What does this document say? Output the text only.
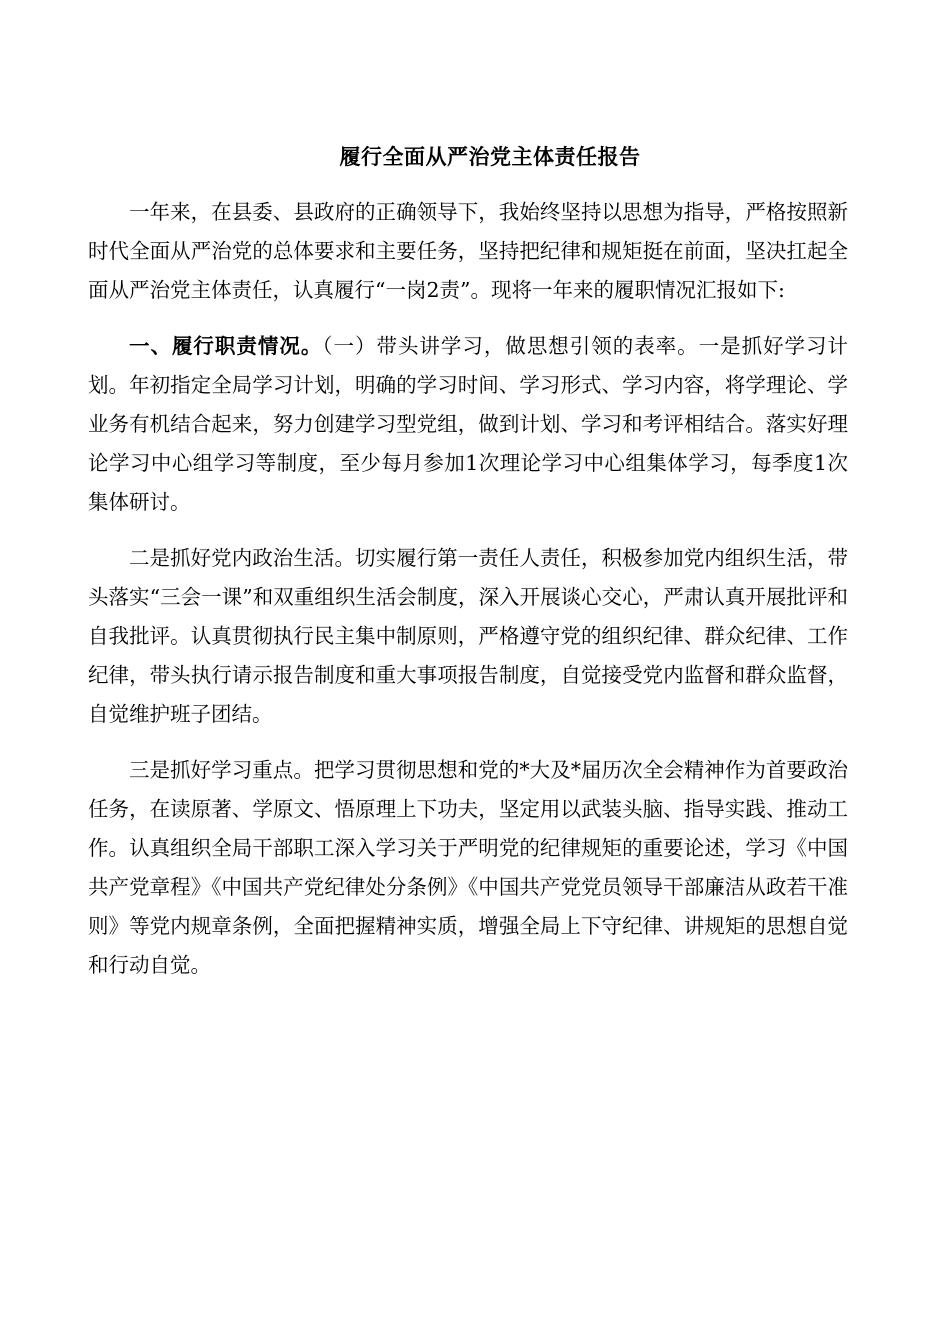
履行全面从严治党主体责任报告

一年来，在县委、县政府的正确领导下，我始终坚持以思想为指导，严格按照新时代全面从严治党的总体要求和主要任务，坚持把纪律和规矩挺在前面，坚决扛起全面从严治党主体责任，认真履行“一岗2责”。现将一年来的履职情况汇报如下:

一、履行职责情况。（一）带头讲学习，做思想引领的表率。一是抓好学习计划。年初指定全局学习计划，明确的学习时间、学习形式、学习内容，将学理论、学业务有机结合起来，努力创建学习型党组，做到计划、学习和考评相结合。落实好理论学习中心组学习等制度，至少每月参加1次理论学习中心组集体学习，每季度1次集体研讨。

二是抓好党内政治生活。切实履行第一责任人责任，积极参加党内组织生活，带头落实“三会一课”和双重组织生活会制度，深入开展谈心交心，严肃认真开展批评和自我批评。认真贯彻执行民主集中制原则，严格遵守党的组织纪律、群众纪律、工作纪律，带头执行请示报告制度和重大事项报告制度，自觉接受党内监督和群众监督，自觉维护班子团结。

三是抓好学习重点。把学习贯彻思想和党的*大及*届历次全会精神作为首要政治任务，在读原著、学原文、悟原理上下功夫，坚定用以武装头脑、指导实践、推动工作。认真组织全局干部职工深入学习关于严明党的纪律规矩的重要论述，学习《中国共产党章程》《中国共产党纪律处分条例》《中国共产党党员领导干部廉洁从政若干准则》等党内规章条例，全面把握精神实质，增强全局上下守纪律、讲规矩的思想自觉和行动自觉。
